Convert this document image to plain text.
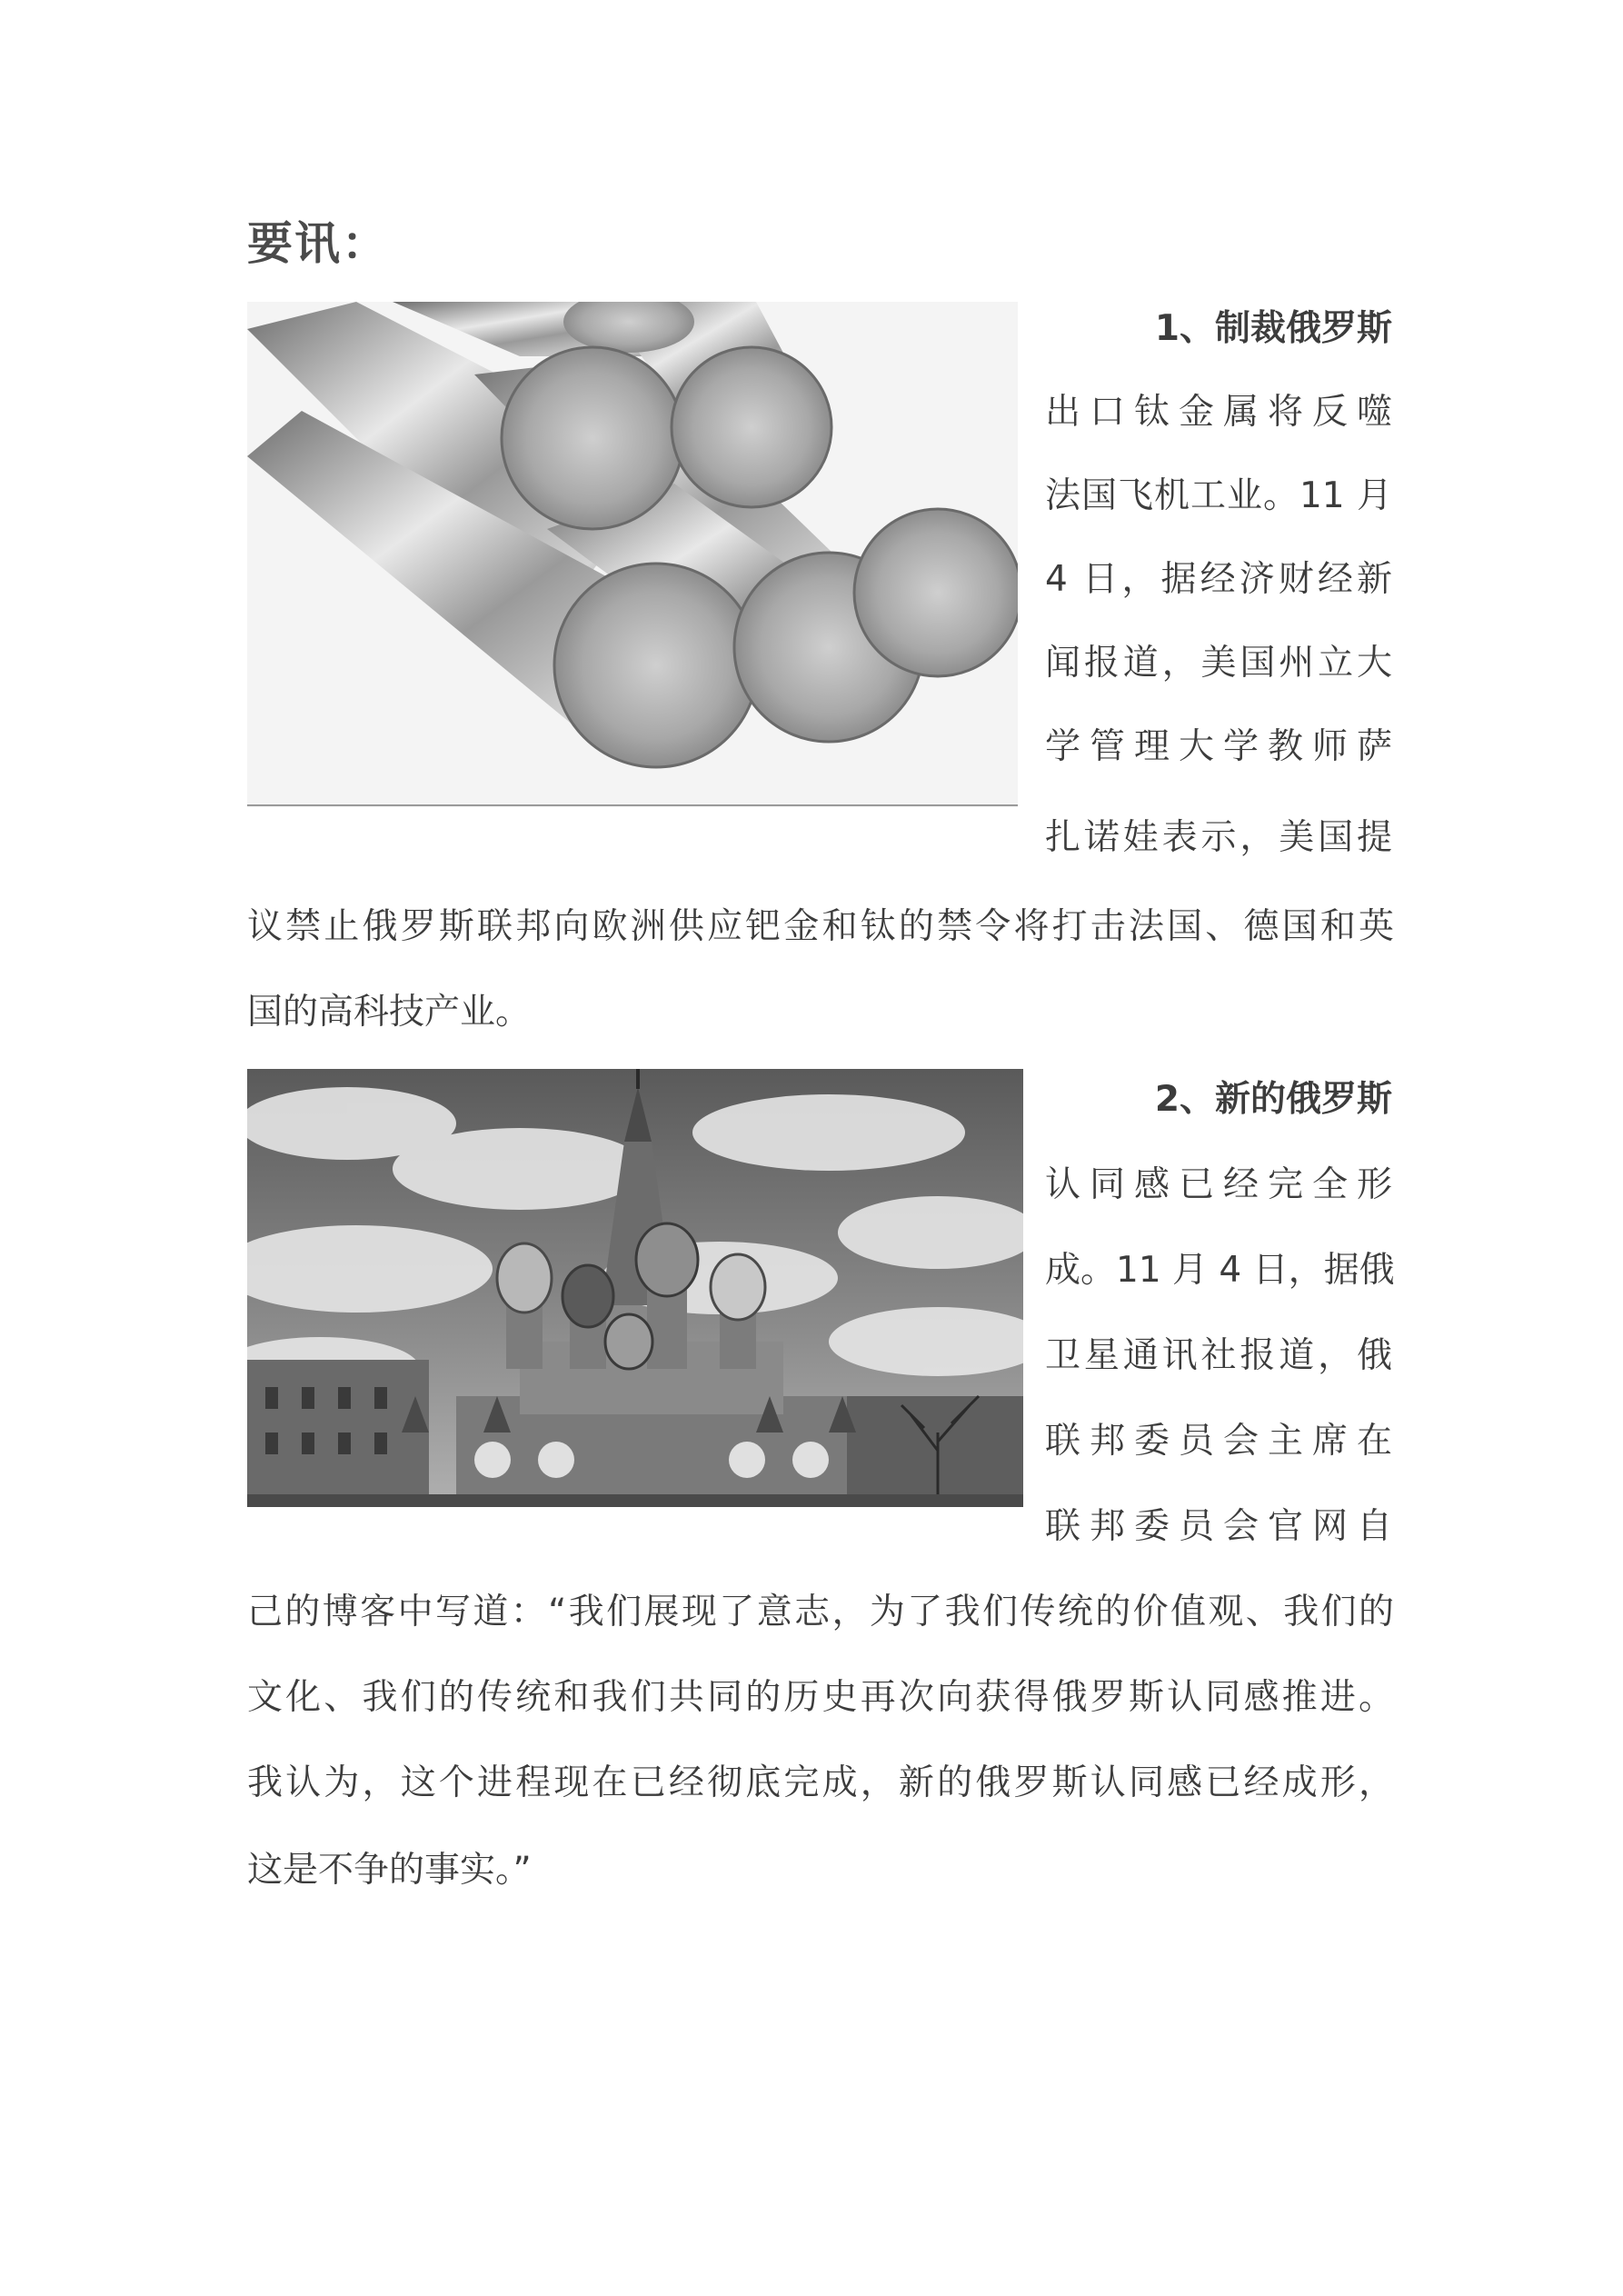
要讯：
1、制裁俄罗斯
出口钛金属将反噬
法国飞机工业。11 月
4 日，据经济财经新
闻报道，美国州立大
学管理大学教师萨
扎诺娃表示，美国提
议禁止俄罗斯联邦向欧洲供应钯金和钛的禁令将打击法国、德国和英
国的高科技产业。
2、新的俄罗斯
认同感已经完全形
成。11 月 4 日，据俄
卫星通讯社报道，俄
联邦委员会主席在
联邦委员会官网自
己的博客中写道：“我们展现了意志，为了我们传统的价值观、我们的
文化、我们的传统和我们共同的历史再次向获得俄罗斯认同感推进。
我认为，这个进程现在已经彻底完成，新的俄罗斯认同感已经成形，
这是不争的事实。”
